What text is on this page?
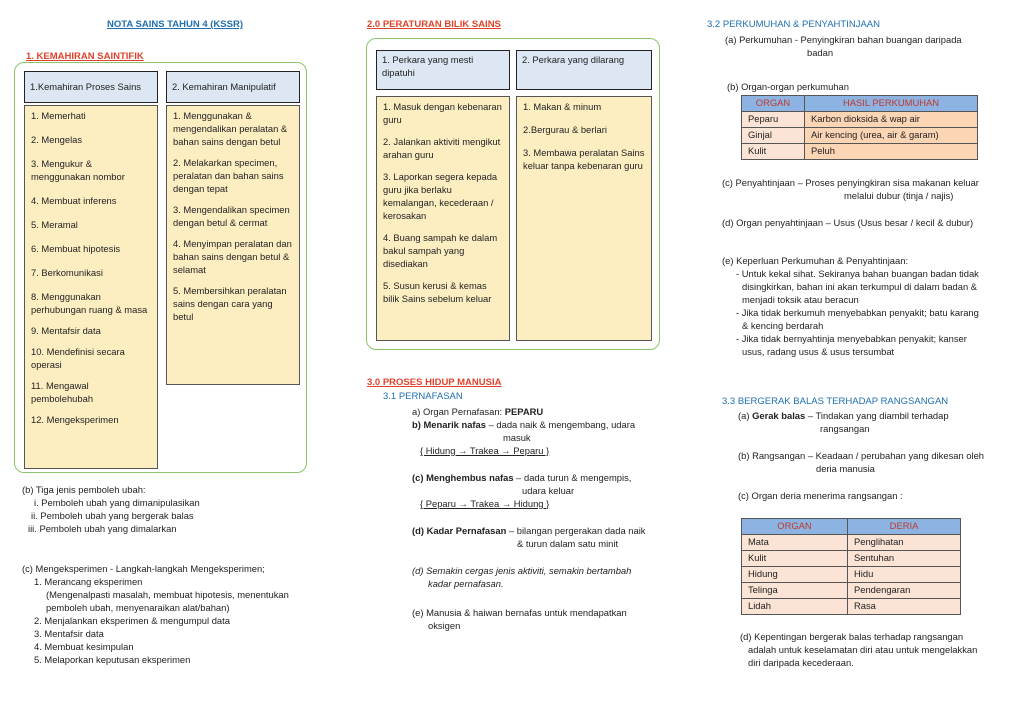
NOTA SAINS TAHUN 4 (KSSR)
1. KEMAHIRAN SAINTIFIK
1.Kemahiran Proses Sains	2. Kemahiran Manipulatif

1. Memerhati

2. Mengelas

3. Mengukur & menggunakan nombor

4. Membuat inferens

5. Meramal

6. Membuat hipotesis

7. Berkomunikasi

8. Menggunakan perhubungan ruang & masa

9. Mentafsir data

10. Mendefinisi secara operasi

11. Mengawal pembolehubah

12. Mengeksperimen

1. Menggunakan & mengendalikan peralatan & bahan sains dengan betul

2. Melakarkan specimen, peralatan dan bahan sains dengan tepat

3. Mengendalikan specimen dengan betul & cermat

4. Menyimpan peralatan dan bahan sains dengan betul & selamat

5. Membersihkan peralatan sains dengan cara yang betul

(b) Tiga jenis pemboleh ubah:

i. Pemboleh ubah yang dimanipulasikan

ii. Pemboleh ubah yang bergerak balas

iii. Pemboleh ubah yang dimalarkan

(c) Mengeksperimen - Langkah-langkah Mengeksperimen;

1. Merancang eksperimen

(Mengenalpasti masalah, membuat hipotesis, menentukan

pemboleh ubah, menyenaraikan alat/bahan)

2. Menjalankan eksperimen & mengumpul data

3. Mentafsir data

4. Membuat kesimpulan

5. Melaporkan keputusan eksperimen

2.0 PERATURAN BILIK SAINS
1. Perkara yang mesti dipatuhi
2. Perkara yang dilarang

1. Masuk dengan kebenaran guru

2. Jalankan aktiviti mengikut arahan guru

3. Laporkan segera kepada guru jika berlaku kemalangan, kecederaan / kerosakan

4. Buang sampah ke dalam bakul sampah yang disediakan

5. Susun kerusi & kemas bilik Sains sebelum keluar

1. Makan & minum

2.Bergurau & berlari

3. Membawa peralatan Sains keluar tanpa kebenaran guru

3.0 PROSES HIDUP MANUSIA
3.1 PERNAFASAN

a) Organ Pernafasan: PEPARU

b) Menarik nafas – dada naik & mengembang, udara

masuk

{ Hidung → Trakea → Peparu }

(c) Menghembus nafas – dada turun & mengempis,

udara keluar

{ Peparu → Trakea → Hidung }

(d) Kadar Pernafasan – bilangan pergerakan dada naik

& turun dalam satu minit

(d) Semakin cergas jenis aktiviti, semakin bertambah

kadar pernafasan.

(e) Manusia & haiwan bernafas untuk mendapatkan

oksigen

3.2 PERKUMUHAN & PENYAHTINJAAN

(a) Perkumuhan - Penyingkiran bahan buangan daripada

badan

(b) Organ-organ perkumuhan
ORGAN	HASIL PERKUMUHAN
Peparu	Karbon dioksida & wap air
Ginjal	Air kencing (urea, air & garam)
Kulit	Peluh

(c) Penyahtinjaan – Proses penyingkiran sisa makanan keluar

melalui dubur (tinja / najis)

(d) Organ penyahtinjaan – Usus (Usus besar / kecil & dubur)

(e) Keperluan Perkumuhan & Penyahtinjaan:

- Untuk kekal sihat. Sekiranya bahan buangan badan tidak

disingkirkan, bahan ini akan terkumpul di dalam badan &

menjadi toksik atau beracun

- Jika tidak berkumuh menyebabkan penyakit; batu karang

& kencing berdarah

- Jika tidak bernyahtinja menyebabkan penyakit; kanser

usus, radang usus & usus tersumbat

3.3 BERGERAK BALAS TERHADAP RANGSANGAN

(a) Gerak balas – Tindakan yang diambil terhadap

rangsangan

(b) Rangsangan – Keadaan / perubahan yang dikesan oleh

deria manusia

(c) Organ deria menerima rangsangan :

ORGAN	DERIA
Mata	Penglihatan
Kulit	Sentuhan
Hidung	Hidu
Telinga	Pendengaran
Lidah	Rasa

(d) Kepentingan bergerak balas terhadap rangsangan

adalah untuk keselamatan diri atau untuk mengelakkan

diri daripada kecederaan.
